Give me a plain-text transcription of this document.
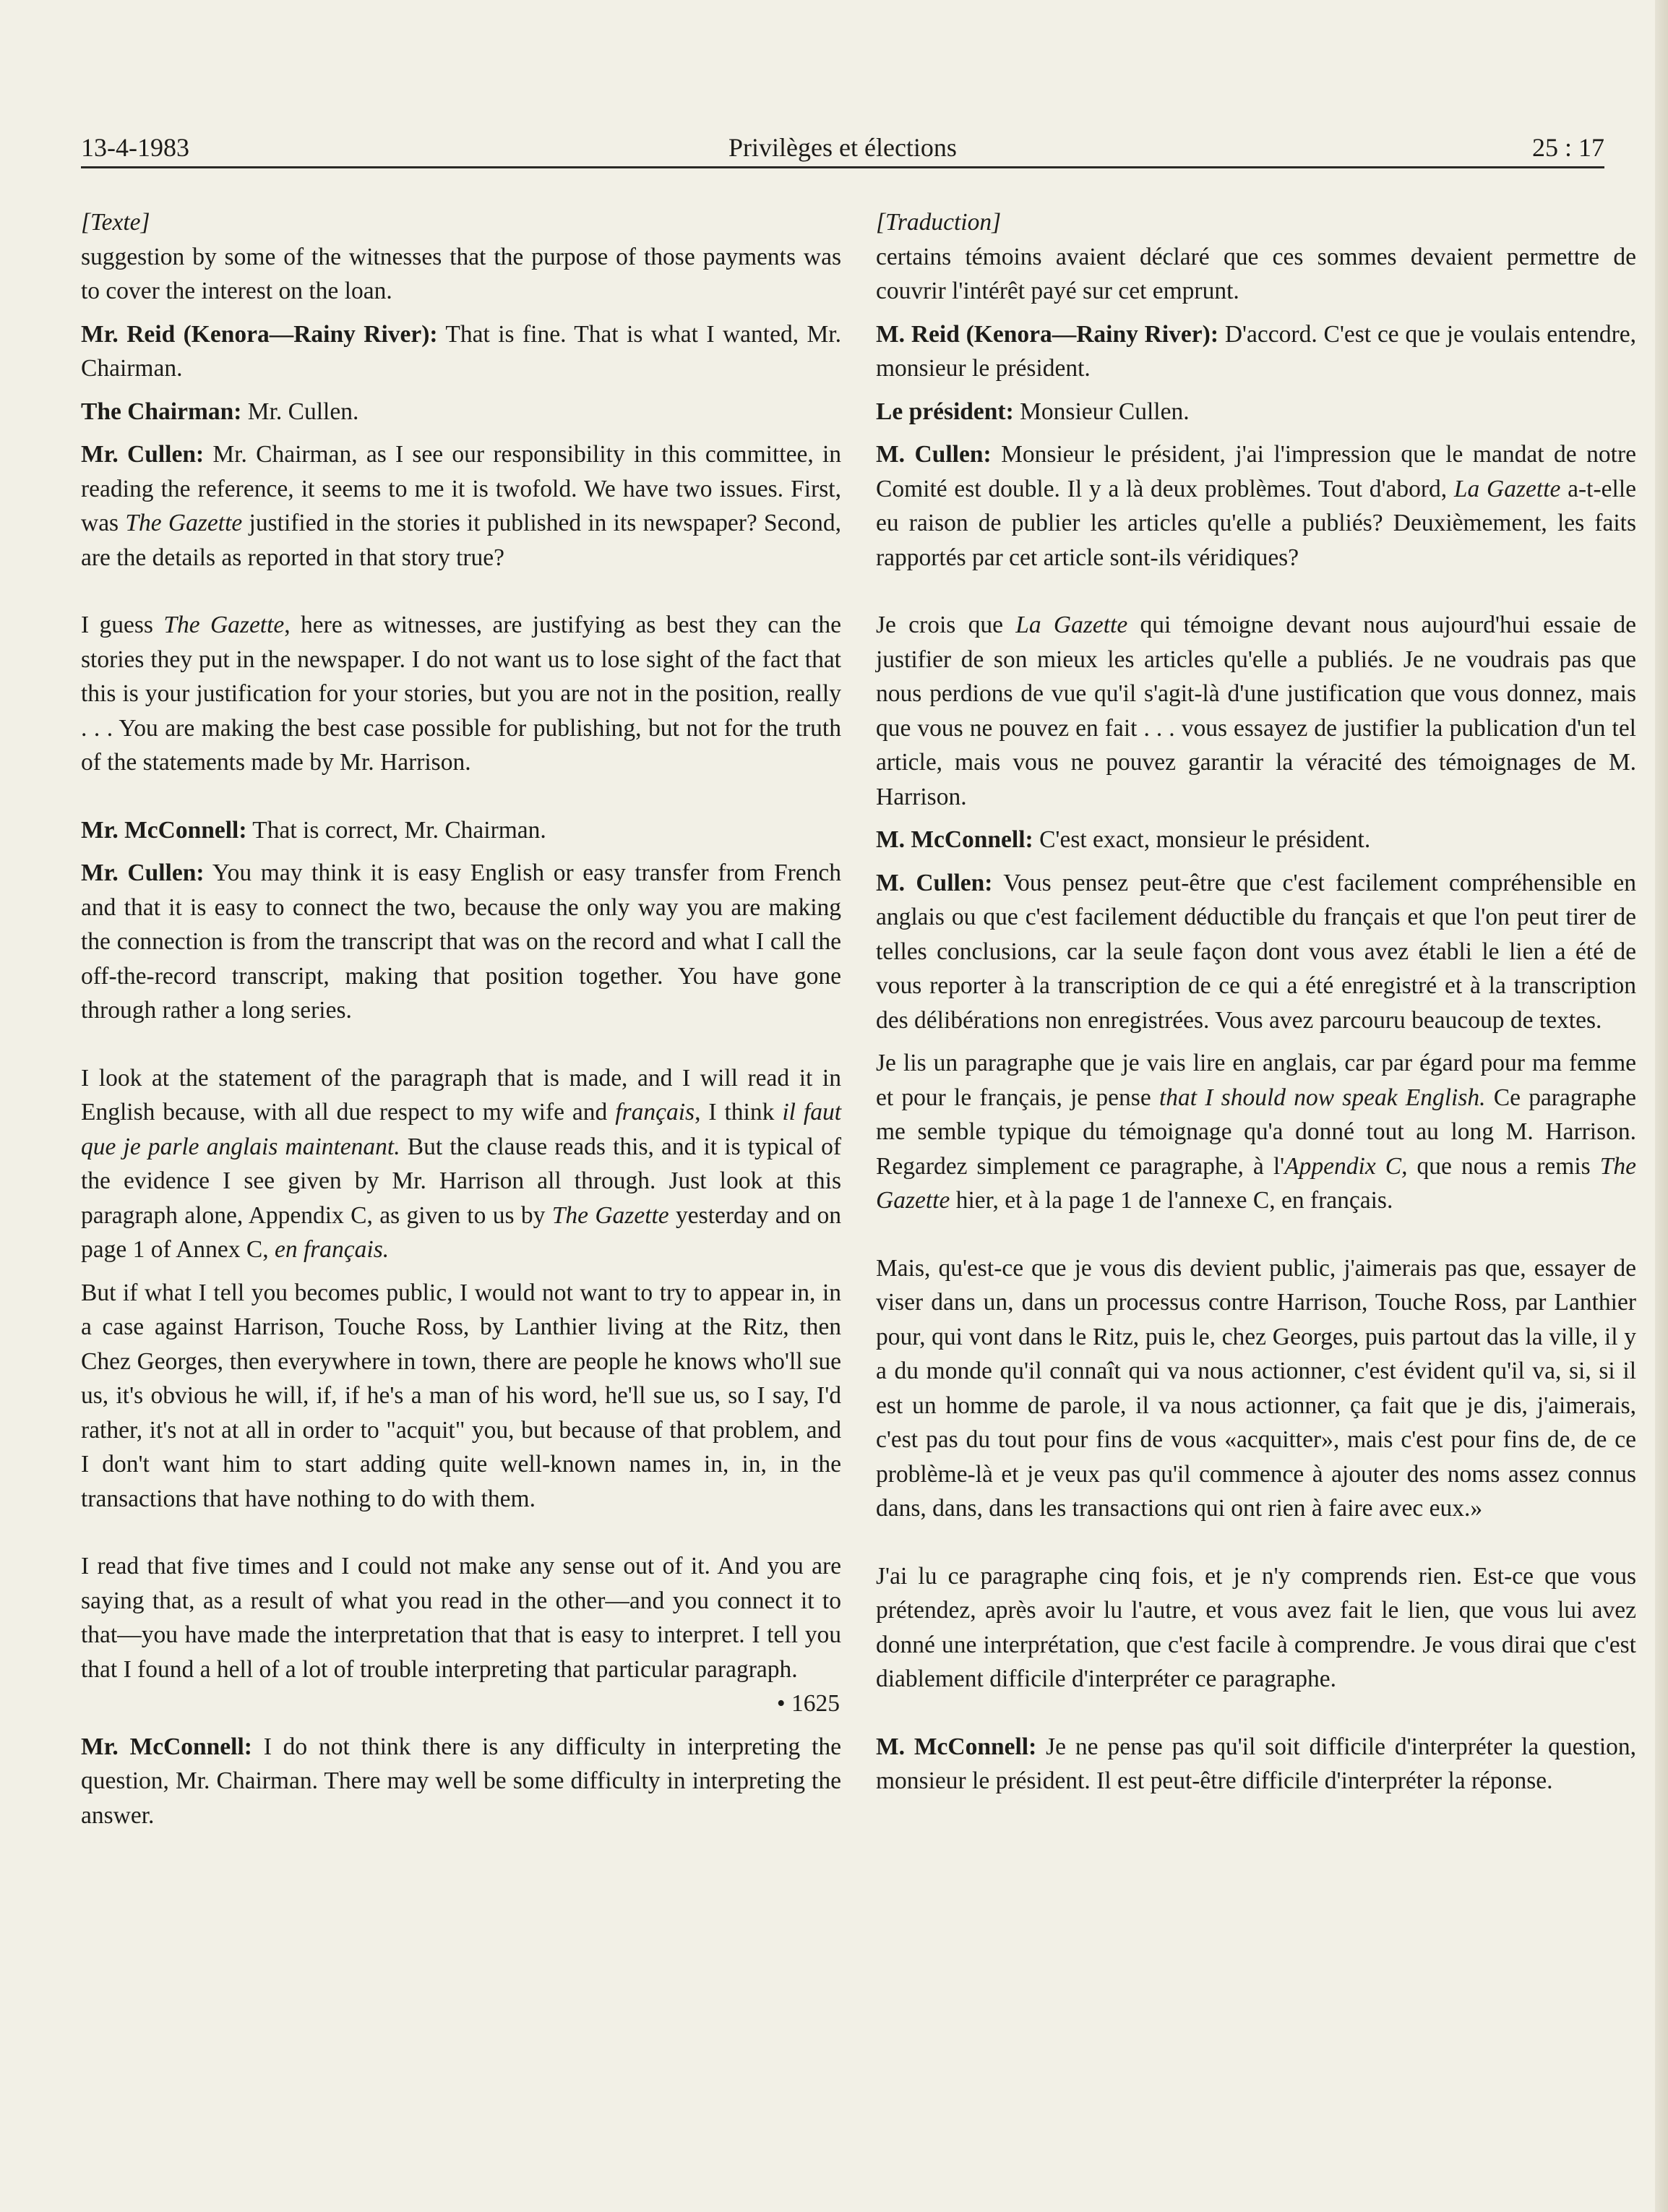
13-4-1983	Privilèges et élections	25 : 17

[Texte]

suggestion by some of the witnesses that the purpose of those payments was to cover the interest on the loan.

Mr. Reid (Kenora—Rainy River): That is fine. That is what I wanted, Mr. Chairman.

The Chairman: Mr. Cullen.

Mr. Cullen: Mr. Chairman, as I see our responsibility in this committee, in reading the reference, it seems to me it is twofold. We have two issues. First, was The Gazette justified in the stories it published in its newspaper? Second, are the details as reported in that story true?

I guess The Gazette, here as witnesses, are justifying as best they can the stories they put in the newspaper. I do not want us to lose sight of the fact that this is your justification for your stories, but you are not in the position, really . . . You are making the best case possible for publishing, but not for the truth of the statements made by Mr. Harrison.

Mr. McConnell: That is correct, Mr. Chairman.

Mr. Cullen: You may think it is easy English or easy transfer from French and that it is easy to connect the two, because the only way you are making the connection is from the transcript that was on the record and what I call the off-the-record transcript, making that position together. You have gone through rather a long series.

I look at the statement of the paragraph that is made, and I will read it in English because, with all due respect to my wife and français, I think il faut que je parle anglais maintenant. But the clause reads this, and it is typical of the evidence I see given by Mr. Harrison all through. Just look at this paragraph alone, Appendix C, as given to us by The Gazette yesterday and on page 1 of Annex C, en français.

But if what I tell you becomes public, I would not want to try to appear in, in a case against Harrison, Touche Ross, by Lanthier living at the Ritz, then Chez Georges, then everywhere in town, there are people he knows who'll sue us, it's obvious he will, if, if he's a man of his word, he'll sue us, so I say, I'd rather, it's not at all in order to "acquit" you, but because of that problem, and I don't want him to start adding quite well-known names in, in, in the transactions that have nothing to do with them.

I read that five times and I could not make any sense out of it. And you are saying that, as a result of what you read in the other—and you connect it to that—you have made the interpretation that that is easy to interpret. I tell you that I found a hell of a lot of trouble interpreting that particular paragraph.

• 1625

Mr. McConnell: I do not think there is any difficulty in interpreting the question, Mr. Chairman. There may well be some difficulty in interpreting the answer.

[Traduction]

certains témoins avaient déclaré que ces sommes devaient permettre de couvrir l'intérêt payé sur cet emprunt.

M. Reid (Kenora—Rainy River): D'accord. C'est ce que je voulais entendre, monsieur le président.

Le président: Monsieur Cullen.

M. Cullen: Monsieur le président, j'ai l'impression que le mandat de notre Comité est double. Il y a là deux problèmes. Tout d'abord, La Gazette a-t-elle eu raison de publier les articles qu'elle a publiés? Deuxièmement, les faits rapportés par cet article sont-ils véridiques?

Je crois que La Gazette qui témoigne devant nous aujourd'hui essaie de justifier de son mieux les articles qu'elle a publiés. Je ne voudrais pas que nous perdions de vue qu'il s'agit-là d'une justification que vous donnez, mais que vous ne pouvez en fait . . . vous essayez de justifier la publication d'un tel article, mais vous ne pouvez garantir la véracité des témoignages de M. Harrison.

M. McConnell: C'est exact, monsieur le président.

M. Cullen: Vous pensez peut-être que c'est facilement compréhensible en anglais ou que c'est facilement déductible du français et que l'on peut tirer de telles conclusions, car la seule façon dont vous avez établi le lien a été de vous reporter à la transcription de ce qui a été enregistré et à la transcription des délibérations non enregistrées. Vous avez parcouru beaucoup de textes.

Je lis un paragraphe que je vais lire en anglais, car par égard pour ma femme et pour le français, je pense that I should now speak English. Ce paragraphe me semble typique du témoignage qu'a donné tout au long M. Harrison. Regardez simplement ce paragraphe, à l'Appendix C, que nous a remis The Gazette hier, et à la page 1 de l'annexe C, en français.

Mais, qu'est-ce que je vous dis devient public, j'aimerais pas que, essayer de viser dans un, dans un processus contre Harrison, Touche Ross, par Lanthier pour, qui vont dans le Ritz, puis le, chez Georges, puis partout das la ville, il y a du monde qu'il connaît qui va nous actionner, c'est évident qu'il va, si, si il est un homme de parole, il va nous actionner, ça fait que je dis, j'aimerais, c'est pas du tout pour fins de vous «acquitter», mais c'est pour fins de, de ce problème-là et je veux pas qu'il commence à ajouter des noms assez connus dans, dans, dans les transactions qui ont rien à faire avec eux.»

J'ai lu ce paragraphe cinq fois, et je n'y comprends rien. Est-ce que vous prétendez, après avoir lu l'autre, et vous avez fait le lien, que vous lui avez donné une interprétation, que c'est facile à comprendre. Je vous dirai que c'est diablement difficile d'interpréter ce paragraphe.

M. McConnell: Je ne pense pas qu'il soit difficile d'interpréter la question, monsieur le président. Il est peut-être difficile d'interpréter la réponse.
